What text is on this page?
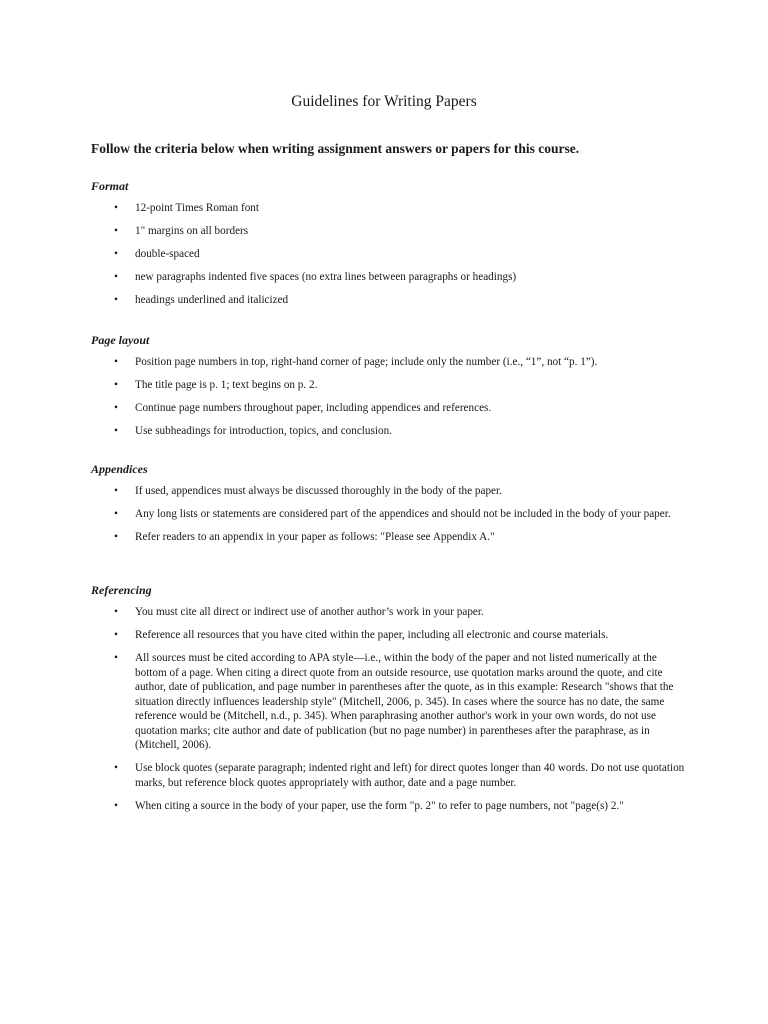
Guidelines for Writing Papers

Follow the criteria below when writing assignment answers or papers for this course.

Format

• 12-point Times Roman font
• 1" margins on all borders
• double-spaced
• new paragraphs indented five spaces (no extra lines between paragraphs or headings)
• headings underlined and italicized

Page layout

• Position page numbers in top, right-hand corner of page; include only the number (i.e., “1”, not “p. 1”).
• The title page is p. 1; text begins on p. 2.
• Continue page numbers throughout paper, including appendices and references.
• Use subheadings for introduction, topics, and conclusion.

Appendices

• If used, appendices must always be discussed thoroughly in the body of the paper.
• Any long lists or statements are considered part of the appendices and should not be included in the body of your paper.
• Refer readers to an appendix in your paper as follows: "Please see Appendix A."

Referencing

• You must cite all direct or indirect use of another author’s work in your paper.
• Reference all resources that you have cited within the paper, including all electronic and course materials.
• All sources must be cited according to APA style—i.e., within the body of the paper and not listed numerically at the bottom of a page. When citing a direct quote from an outside resource, use quotation marks around the quote, and cite author, date of publication, and page number in parentheses after the quote, as in this example: Research "shows that the situation directly influences leadership style" (Mitchell, 2006, p. 345). In cases where the source has no date, the same reference would be (Mitchell, n.d., p. 345). When paraphrasing another author's work in your own words, do not use quotation marks; cite author and date of publication (but no page number) in parentheses after the paraphrase, as in (Mitchell, 2006).
• Use block quotes (separate paragraph; indented right and left) for direct quotes longer than 40 words. Do not use quotation marks, but reference block quotes appropriately with author, date and a page number.
• When citing a source in the body of your paper, use the form "p. 2" to refer to page numbers, not "page(s) 2."
